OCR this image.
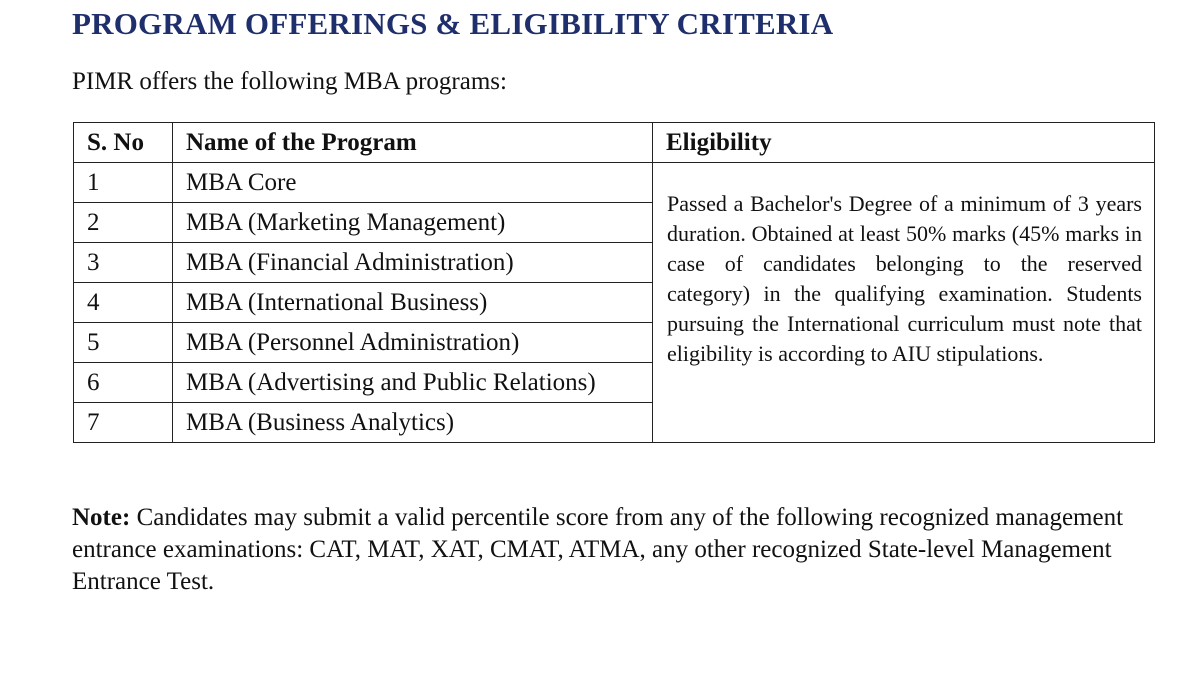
PROGRAM OFFERINGS & ELIGIBILITY CRITERIA

PIMR offers the following MBA programs:

S. No	Name of the Program	Eligibility
1	MBA Core	Passed a Bachelor's Degree of a minimum of 3 years duration. Obtained at least 50% marks (45% marks in case of candidates belonging to the reserved category) in the qualifying examination. Students pursuing the International curriculum must note that eligibility is according to AIU stipulations.
2	MBA (Marketing Management)	
3	MBA (Financial Administration)	
4	MBA (International Business)	
5	MBA (Personnel Administration)	
6	MBA (Advertising and Public Relations)	
7	MBA (Business Analytics)	

Note: Candidates may submit a valid percentile score from any of the following recognized management entrance examinations: CAT, MAT, XAT, CMAT, ATMA, any other recognized State-level Management Entrance Test.
